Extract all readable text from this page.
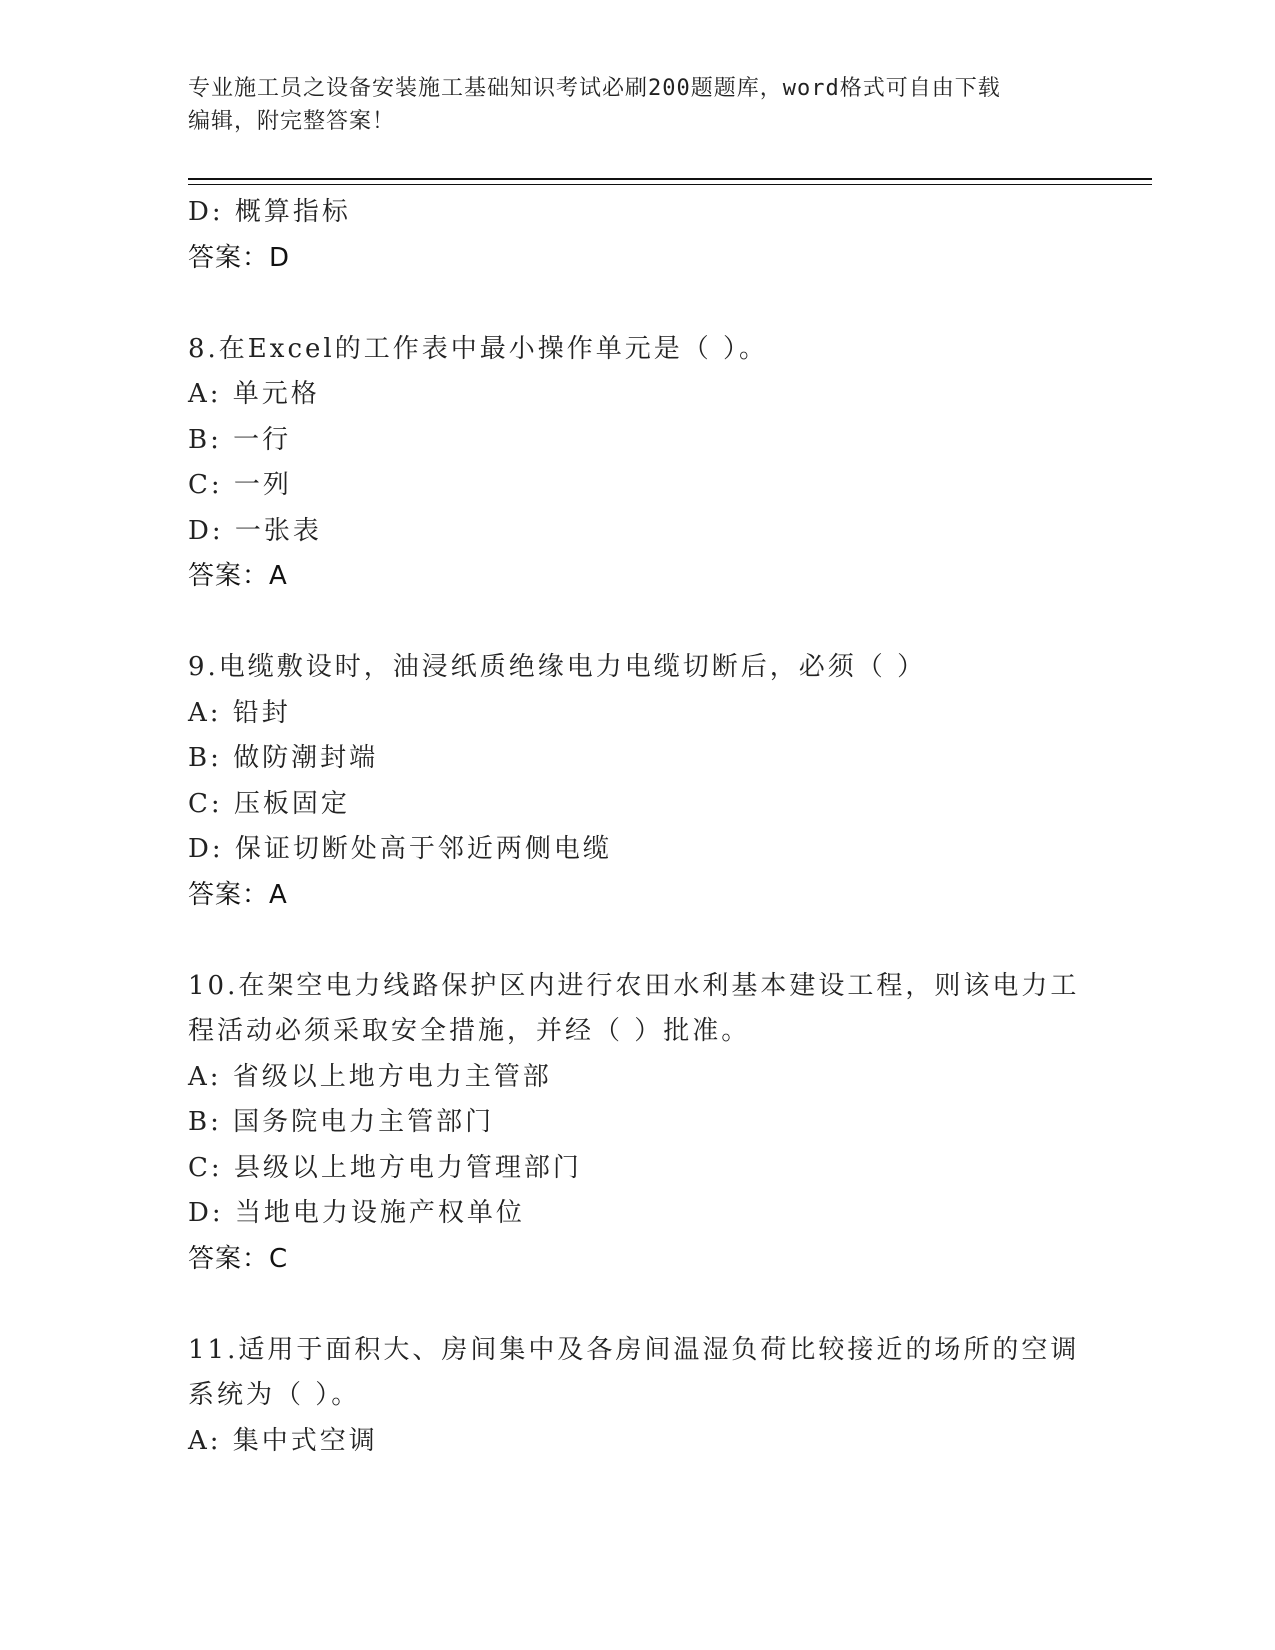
专业施工员之设备安装施工基础知识考试必刷200题题库，word格式可自由下载
编辑，附完整答案！
D: 概算指标
答案：D
8.在Excel的工作表中最小操作单元是（ ）。
A: 单元格
B: 一行
C: 一列
D: 一张表
答案：A
9.电缆敷设时，油浸纸质绝缘电力电缆切断后，必须（ ）
A: 铅封
B: 做防潮封端
C: 压板固定
D: 保证切断处高于邻近两侧电缆
答案：A
10.在架空电力线路保护区内进行农田水利基本建设工程，则该电力工
程活动必须采取安全措施，并经（ ）批准。
A: 省级以上地方电力主管部
B: 国务院电力主管部门
C: 县级以上地方电力管理部门
D: 当地电力设施产权单位
答案：C
11.适用于面积大、房间集中及各房间温湿负荷比较接近的场所的空调
系统为（ ）。
A: 集中式空调
